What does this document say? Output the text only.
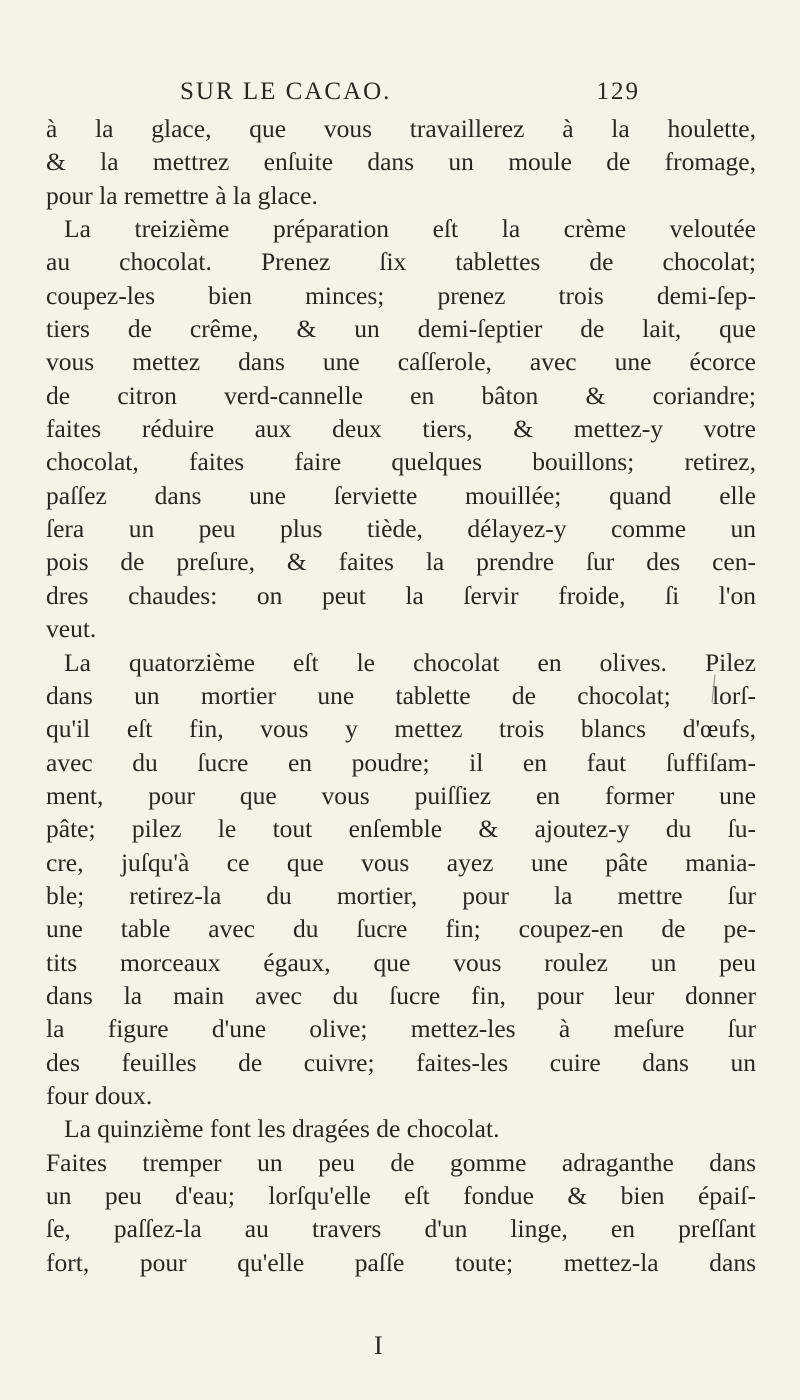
SUR LE CACAO.	129
à la glace, que vous travaillerez à la houlette,
& la mettrez enſuite dans un moule de fromage,
pour la remettre à la glace.
La treizième préparation eſt la crème veloutée
au chocolat. Prenez ſix tablettes de chocolat;
coupez-les bien minces; prenez trois demi-ſep-
tiers de crême, & un demi-ſeptier de lait, que
vous mettez dans une caſſerole, avec une écorce
de citron verd-cannelle en bâton & coriandre;
faites réduire aux deux tiers, & mettez-y votre
chocolat, faites faire quelques bouillons; retirez,
paſſez dans une ſerviette mouillée; quand elle
ſera un peu plus tiède, délayez-y comme un
pois de preſure, & faites la prendre ſur des cen-
dres chaudes: on peut la ſervir froide, ſi l'on
veut.
La quatorzième eſt le chocolat en olives. Pilez
dans un mortier une tablette de chocolat; lorſ-
qu'il eſt fin, vous y mettez trois blancs d'œufs,
avec du ſucre en poudre; il en faut ſuffiſam-
ment, pour que vous puiſſiez en former une
pâte; pilez le tout enſemble & ajoutez-y du ſu-
cre, juſqu'à ce que vous ayez une pâte mania-
ble; retirez-la du mortier, pour la mettre ſur
une table avec du ſucre fin; coupez-en de pe-
tits morceaux égaux, que vous roulez un peu
dans la main avec du ſucre fin, pour leur donner
la figure d'une olive; mettez-les à meſure ſur
des feuilles de cuivre; faites-les cuire dans un
four doux.
La quinzième font les dragées de chocolat.
Faites tremper un peu de gomme adraganthe dans
un peu d'eau; lorſqu'elle eſt fondue & bien épaiſ-
ſe, paſſez-la au travers d'un linge, en preſſant
fort, pour qu'elle paſſe toute; mettez-la dans
I
